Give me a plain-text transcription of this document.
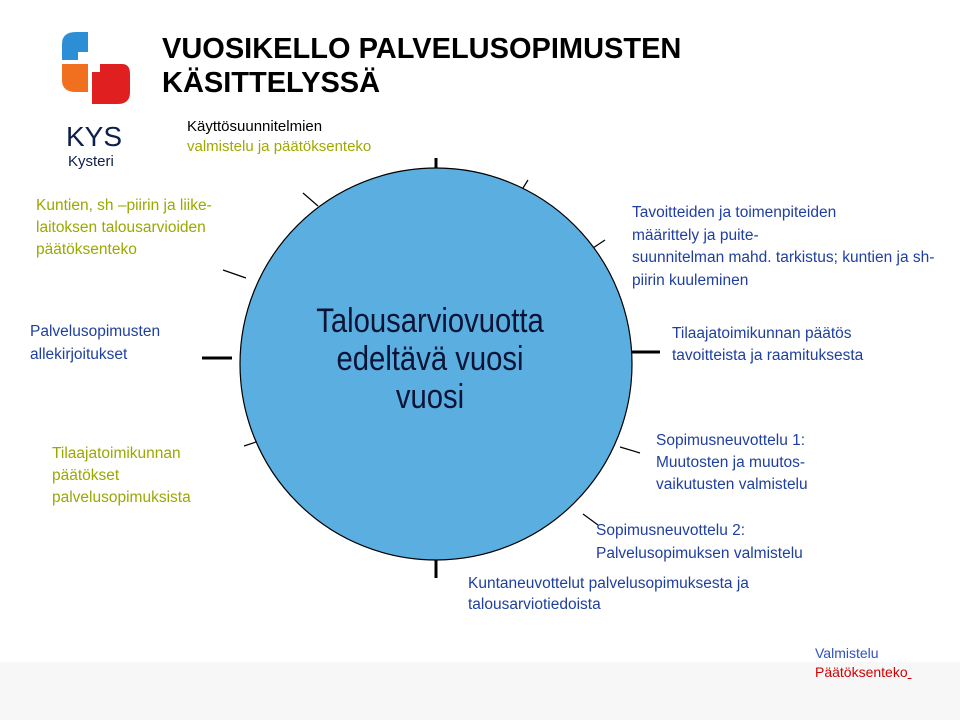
KYS
Kysteri
VUOSIKELLO PALVELUSOPIMUSTEN
KÄSITTELYSSÄ
Käyttösuunnitelmien
valmistelu ja päätöksenteko
Talousarviovuotta
edeltävä vuosi
vuosi
Tavoitteiden ja toimenpiteiden
määrittely ja puite-
suunnitelman mahd. tarkistus; kuntien ja sh-
piirin kuuleminen
Tilaajatoimikunnan päätös
tavoitteista ja raamituksesta
Sopimusneuvottelu 1:
Muutosten ja muutos-
vaikutusten valmistelu
Sopimusneuvottelu 2:
Palvelusopimuksen valmistelu
Kuntaneuvottelut palvelusopimuksesta ja
talousarviotiedoista
Kuntien, sh –piirin ja liike-
laitoksen talousarvioiden
päätöksenteko
Palvelusopimusten
allekirjoitukset
Tilaajatoimikunnan
päätökset
palvelusopimuksista
Valmistelu
Päätöksenteko
